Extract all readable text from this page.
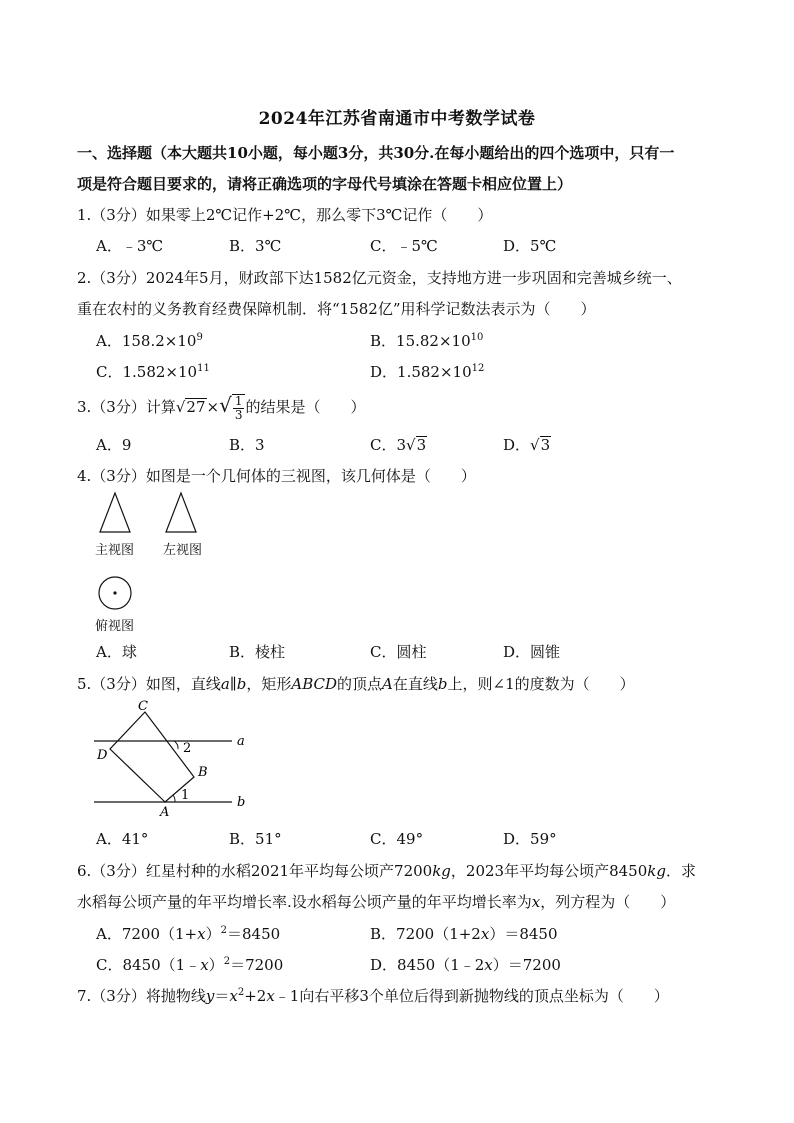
2024年江苏省南通市中考数学试卷
一、选择题（本大题共10小题，每小题3分，共30分.在每小题给出的四个选项中，只有一
项是符合题目要求的，请将正确选项的字母代号填涂在答题卡相应位置上）
1.（3分）如果零上2℃记作+2℃，那么零下3℃记作（　　）
A．﹣3℃	B．3℃	C．﹣5℃	D．5℃
2.（3分）2024年5月，财政部下达1582亿元资金，支持地方进一步巩固和完善城乡统一、
重在农村的义务教育经费保障机制．将“1582亿”用科学记数法表示为（　　）
A．$158.2\times 10^9$	B．$15.82\times 10^{10}$
C．$1.582\times 10^{11}$	D．$1.582\times 10^{12}$
3.（3分）计算$√27\times√ \frac{1}{3}$ 的结果是（　　）
A．9	B．3	C．3√3	D．√3
4.（3分）如图是一个几何体的三视图，该几何体是（　　）
主视图 左视图
俯视图
A．球	B．棱柱	C．圆柱	D．圆锥
5.（3分）如图，直线a∥b，矩形ABCD的顶点A在直线b上，则∠1的度数为（　　）
C
D
B
A
a
b
1
2
A．41°	B．51°	C．49°	D．59°
6.（3分）红星村种的水稻2021年平均每公顷产7200kg，2023年平均每公顷产8450kg．求
水稻每公顷产量的年平均增长率.设水稻每公顷产量的年平均增长率为x，列方程为（　　）
A．$7200(1+x)^2=8450$	B．7200（1+2x）＝8450
C．8450（1﹣x）$^2$＝7200	D．8450（1﹣2x）＝7200
7.（3分）将抛物线$y=x^2+2x﹣1$向右平移3个单位后得到新抛物线的顶点坐标为（　　）
